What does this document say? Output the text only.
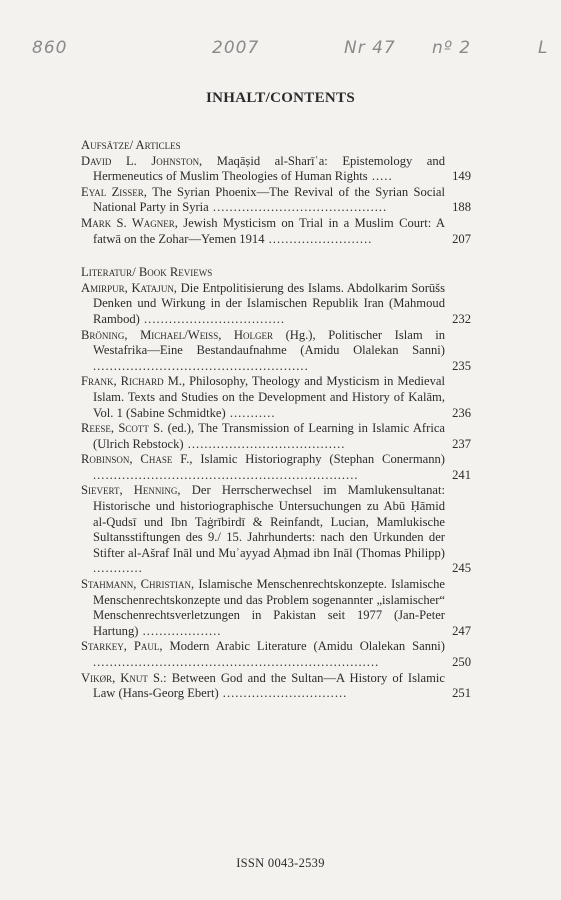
860	2007	Nr 47 nº 2	L
INHALT/CONTENTS
Aufsätze/ Articles
David L. Johnston, Maqāṣid al-Sharīʿa: Epistemology and Hermeneutics of Muslim Theologies of Human Rights .....	149
Eyal Zisser, The Syrian Phoenix—The Revival of the Syrian Social National Party in Syria ..........................................	188
Mark S. Wagner, Jewish Mysticism on Trial in a Muslim Court: A fatwā on the Zohar—Yemen 1914 .........................	207
Literatur/ Book Reviews
Amirpur, Katajun, Die Entpolitisierung des Islams. Abdolkarim Sorūšs Denken und Wirkung in der Islamischen Republik Iran (Mahmoud Rambod) ..................................	232
Bröning, Michael/Weiss, Holger (Hg.), Politischer Islam in Westafrika—Eine Bestandaufnahme (Amidu Olalekan Sanni) ....................................................	235
Frank, Richard M., Philosophy, Theology and Mysticism in Medieval Islam. Texts and Studies on the Development and History of Kalām, Vol. 1 (Sabine Schmidtke) ...........	236
Reese, Scott S. (ed.), The Transmission of Learning in Islamic Africa (Ulrich Rebstock) ......................................	237
Robinson, Chase F., Islamic Historiography (Stephan Conermann) ................................................................	241
Sievert, Henning, Der Herrscherwechsel im Mamlukensultanat: Historische und historiographische Untersuchungen zu Abū Ḥāmid al-Qudsī und Ibn Taġrībirdī & Reinfandt, Lucian, Mamlukische Sultansstiftungen des 9./ 15. Jahrhunderts: nach den Urkunden der Stifter al-Ašraf Ināl und Muʾayyad Aḥmad ibn Ināl (Thomas Philipp) ............	245
Stahmann, Christian, Islamische Menschenrechtskonzepte. Islamische Menschenrechtskonzepte und das Problem sogenannter „islamischer“ Menschenrechtsverletzungen in Pakistan seit 1977 (Jan-Peter Hartung) ...................	247
Starkey, Paul, Modern Arabic Literature (Amidu Olalekan Sanni) .....................................................................	250
Vikør, Knut S.: Between God and the Sultan—A History of Islamic Law (Hans-Georg Ebert) ..............................	251
ISSN 0043-2539
